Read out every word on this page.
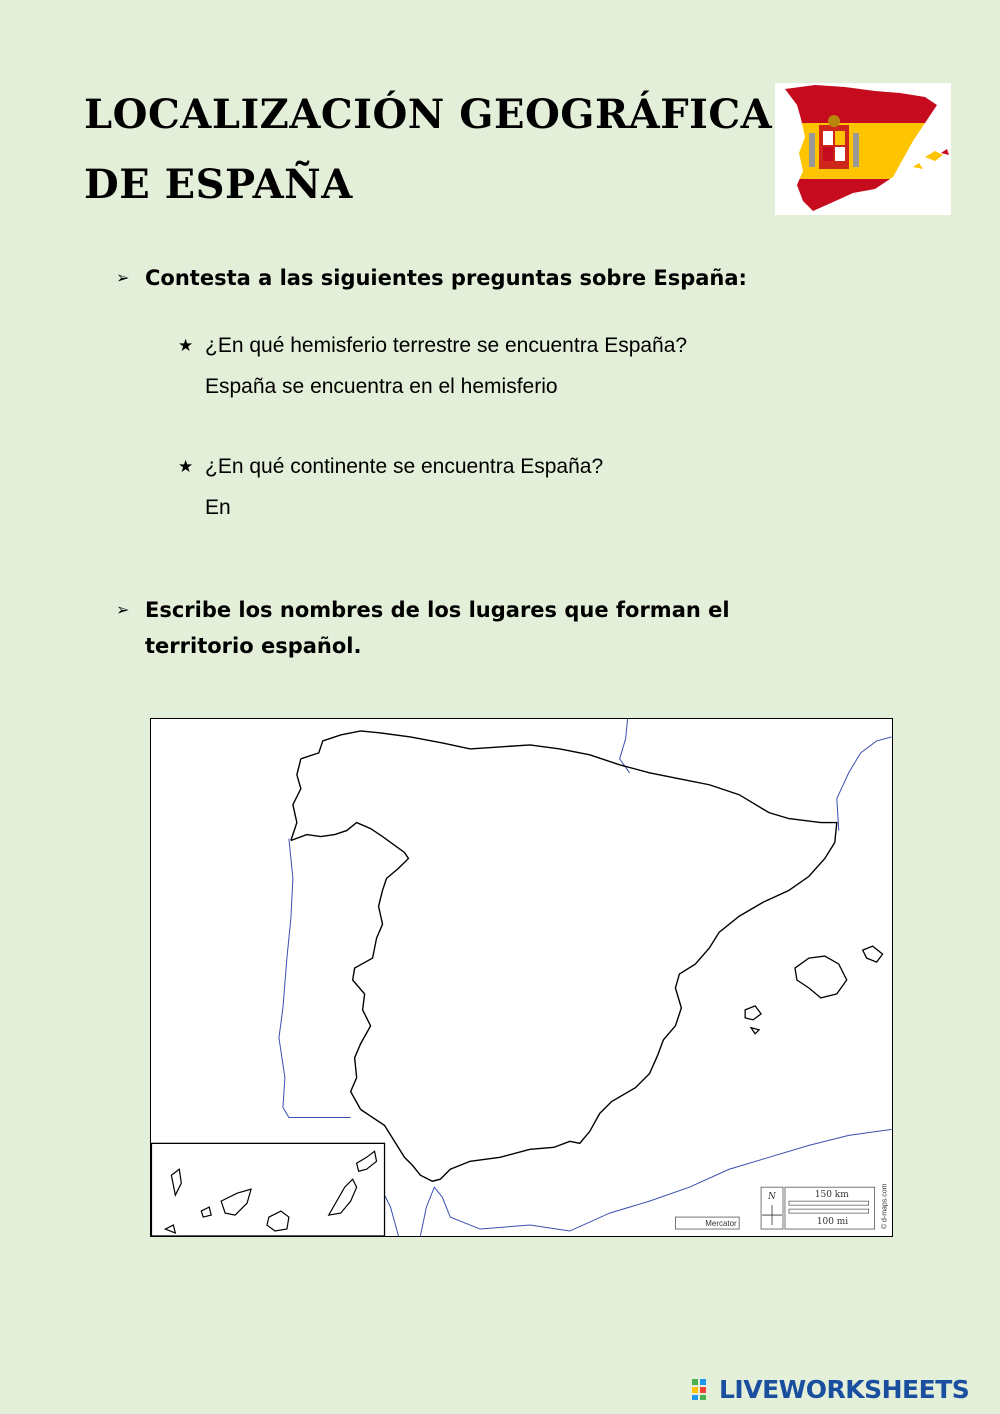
LOCALIZACIÓN GEOGRÁFICA
DE ESPAÑA
➢ Contesta a las siguientes preguntas sobre España:
★ ¿En qué hemisferio terrestre se encuentra España?
España se encuentra en el hemisferio
★ ¿En qué continente se encuentra España?
En
➢ Escribe los nombres de los lugares que forman el territorio español.
Mercator
N	150 km
100 mi	© d-maps.com
LIVEWORKSHEETS
